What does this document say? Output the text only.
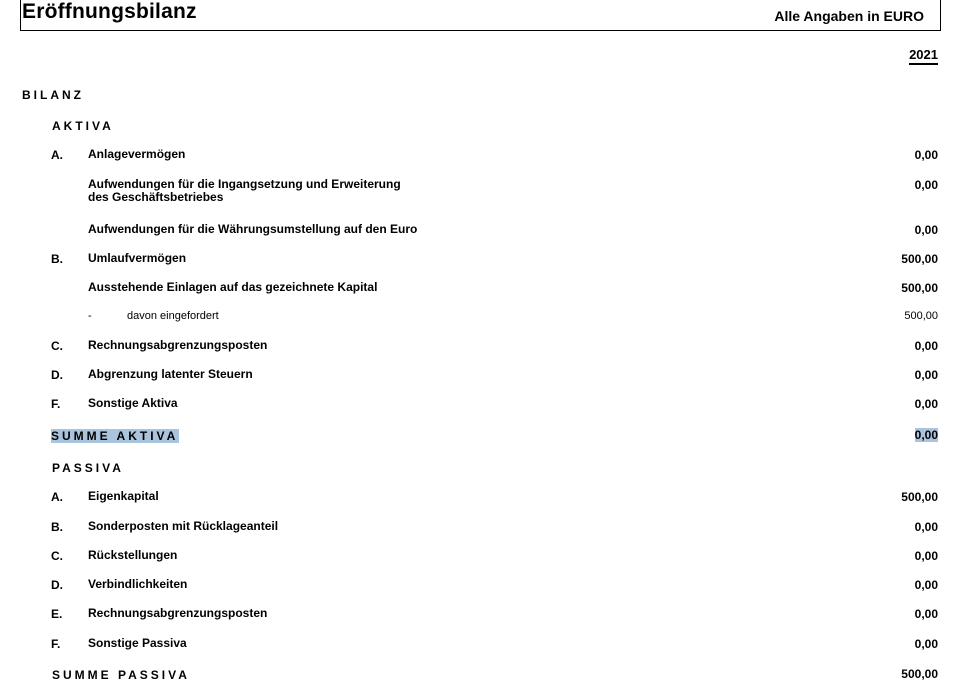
Eröffnungsbilanz	Alle Angaben in EURO
2021
BILANZ
AKTIVA
A. Anlagevermögen	0,00
Aufwendungen für die Ingangsetzung und Erweiterung
des Geschäftsbetriebes
0,00
Aufwendungen für die Währungsumstellung auf den Euro	0,00
B. Umlaufvermögen	500,00
Ausstehende Einlagen auf das gezeichnete Kapital	500,00
-	davon eingefordert	500,00
C. Rechnungsabgrenzungsposten	0,00
D. Abgrenzung latenter Steuern	0,00
F. Sonstige Aktiva	0,00
SUMME AKTIVA	0,00
PASSIVA
A. Eigenkapital	500,00
B. Sonderposten mit Rücklageanteil	0,00
C. Rückstellungen	0,00
D. Verbindlichkeiten	0,00
E. Rechnungsabgrenzungsposten	0,00
F. Sonstige Passiva	0,00
SUMME PASSIVA	500,00
